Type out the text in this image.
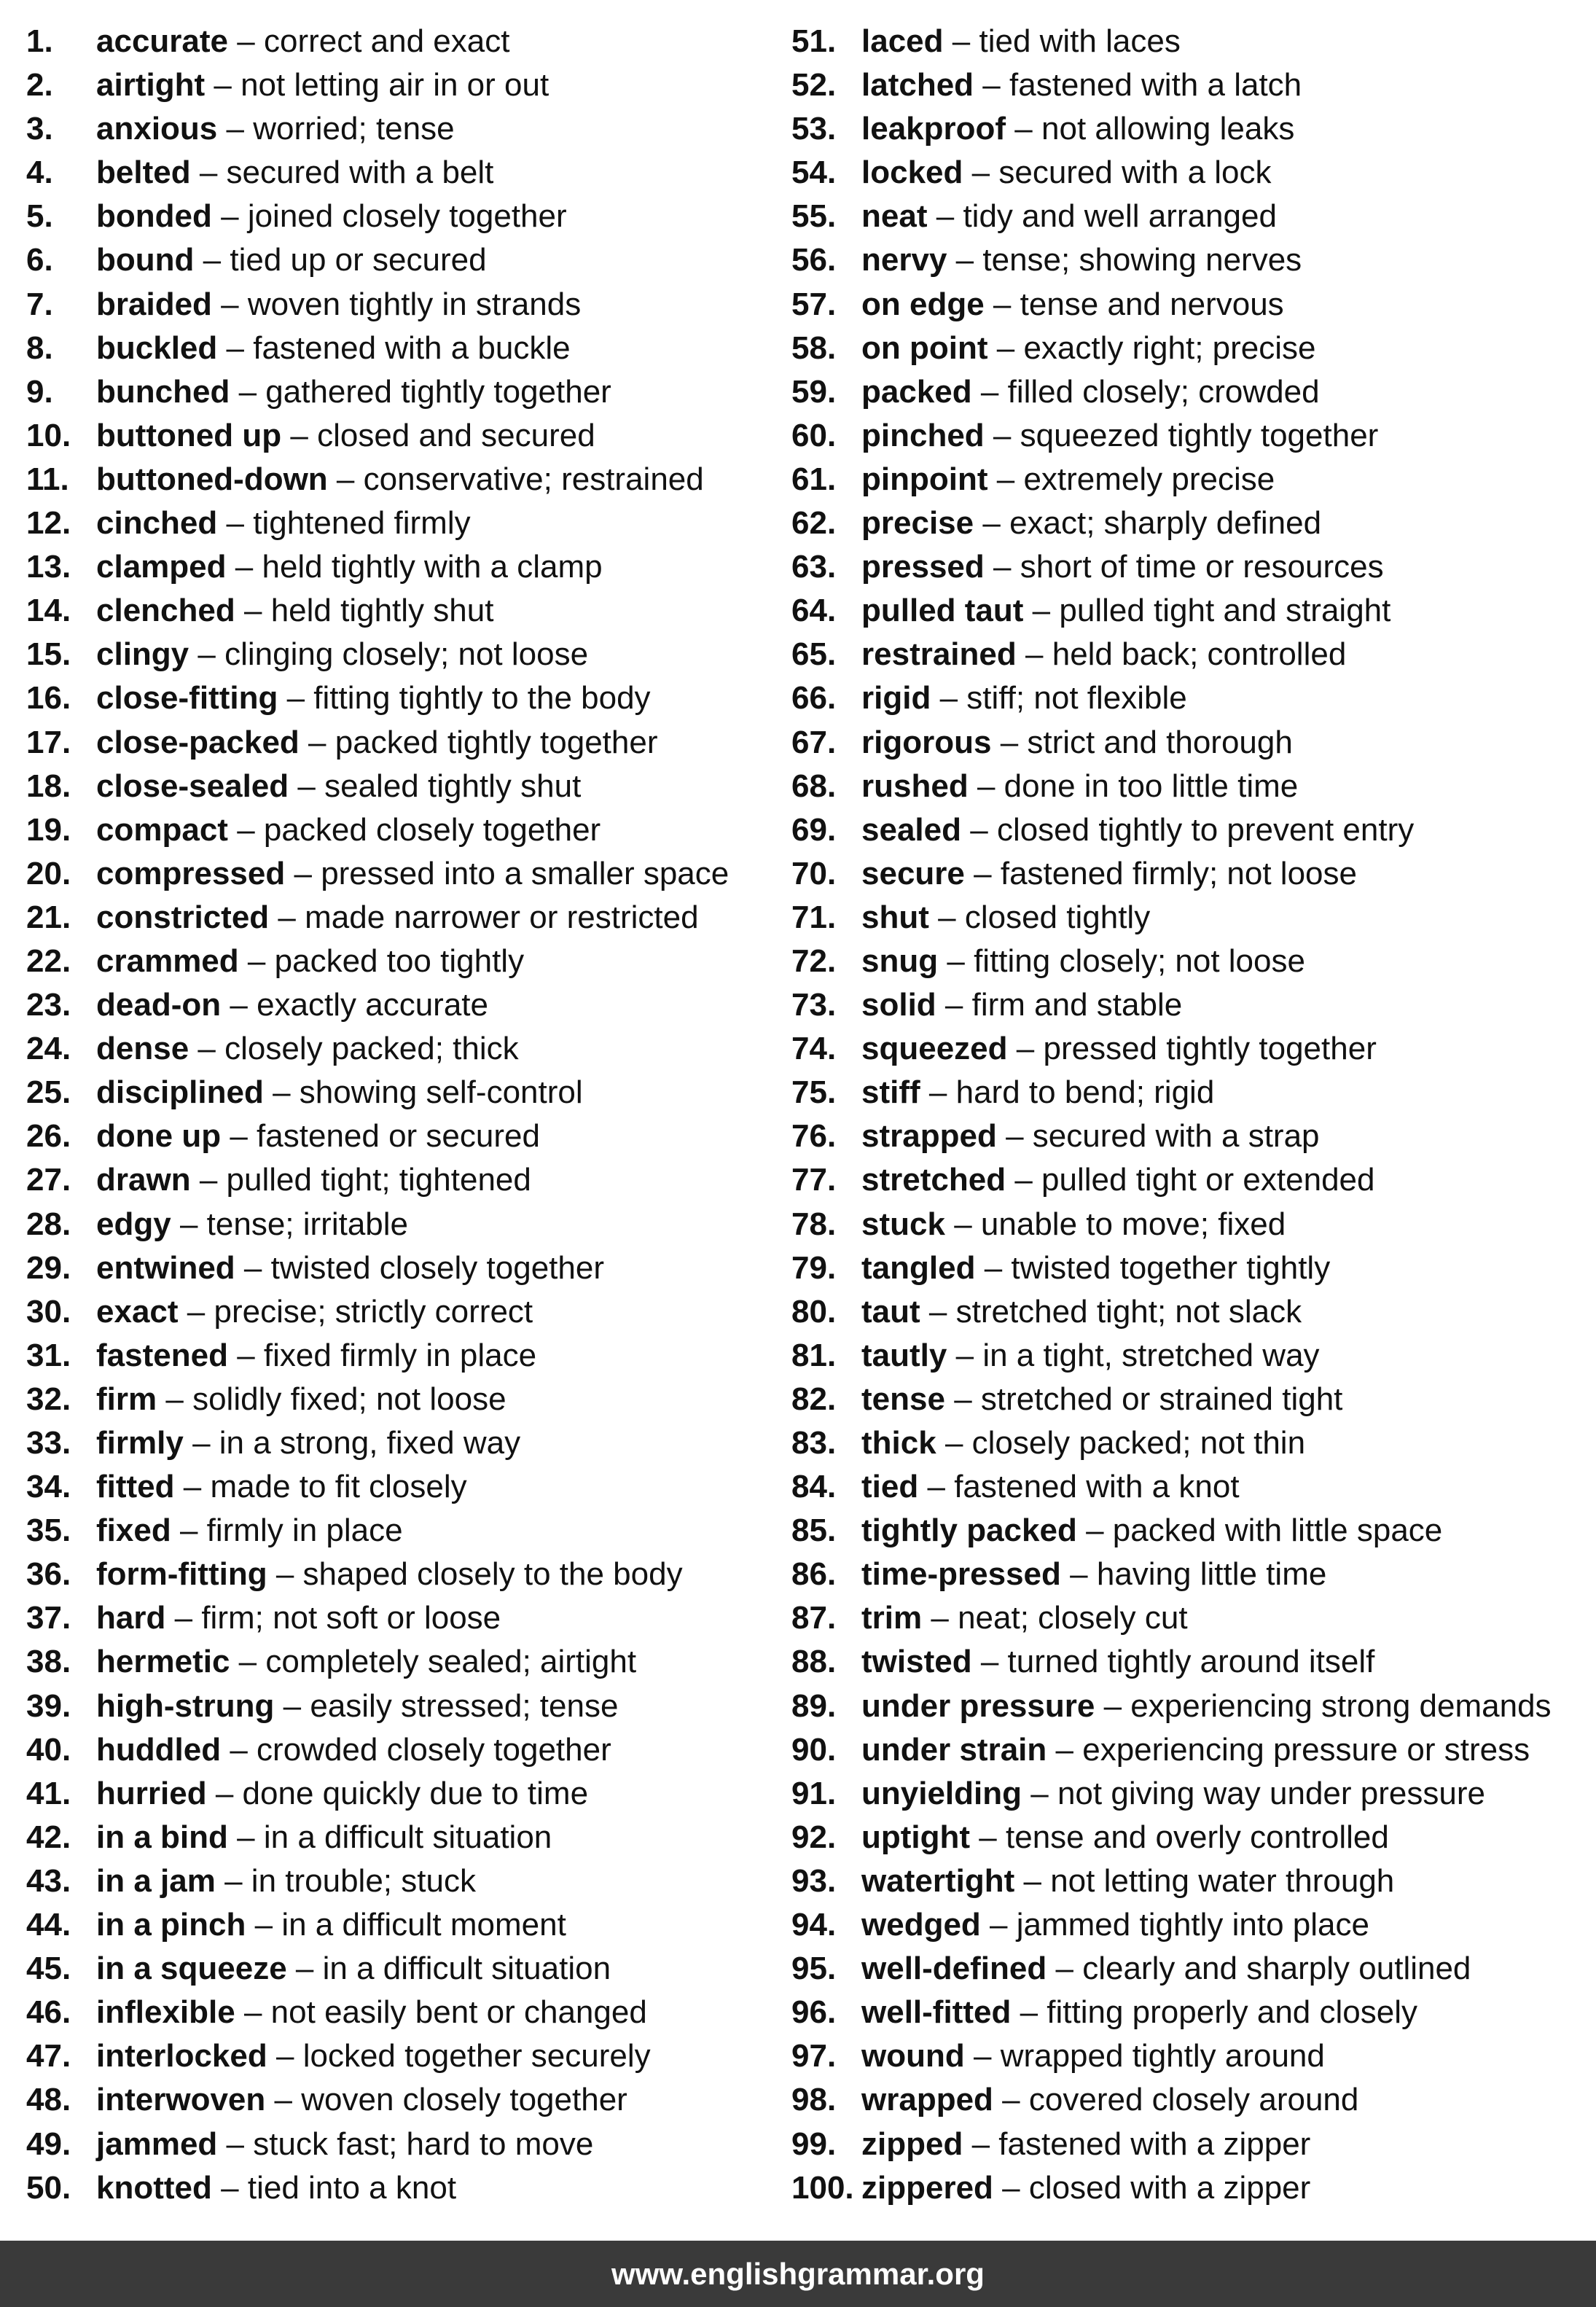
1. accurate – correct and exact
2. airtight – not letting air in or out
3. anxious – worried; tense
4. belted – secured with a belt
5. bonded – joined closely together
6. bound – tied up or secured
7. braided – woven tightly in strands
8. buckled – fastened with a buckle
9. bunched – gathered tightly together
10. buttoned up – closed and secured
11. buttoned-down – conservative; restrained
12. cinched – tightened firmly
13. clamped – held tightly with a clamp
14. clenched – held tightly shut
15. clingy – clinging closely; not loose
16. close-fitting – fitting tightly to the body
17. close-packed – packed tightly together
18. close-sealed – sealed tightly shut
19. compact – packed closely together
20. compressed – pressed into a smaller space
21. constricted – made narrower or restricted
22. crammed – packed too tightly
23. dead-on – exactly accurate
24. dense – closely packed; thick
25. disciplined – showing self-control
26. done up – fastened or secured
27. drawn – pulled tight; tightened
28. edgy – tense; irritable
29. entwined – twisted closely together
30. exact – precise; strictly correct
31. fastened – fixed firmly in place
32. firm – solidly fixed; not loose
33. firmly – in a strong, fixed way
34. fitted – made to fit closely
35. fixed – firmly in place
36. form-fitting – shaped closely to the body
37. hard – firm; not soft or loose
38. hermetic – completely sealed; airtight
39. high-strung – easily stressed; tense
40. huddled – crowded closely together
41. hurried – done quickly due to time
42. in a bind – in a difficult situation
43. in a jam – in trouble; stuck
44. in a pinch – in a difficult moment
45. in a squeeze – in a difficult situation
46. inflexible – not easily bent or changed
47. interlocked – locked together securely
48. interwoven – woven closely together
49. jammed – stuck fast; hard to move
50. knotted – tied into a knot
51. laced – tied with laces
52. latched – fastened with a latch
53. leakproof – not allowing leaks
54. locked – secured with a lock
55. neat – tidy and well arranged
56. nervy – tense; showing nerves
57. on edge – tense and nervous
58. on point – exactly right; precise
59. packed – filled closely; crowded
60. pinched – squeezed tightly together
61. pinpoint – extremely precise
62. precise – exact; sharply defined
63. pressed – short of time or resources
64. pulled taut – pulled tight and straight
65. restrained – held back; controlled
66. rigid – stiff; not flexible
67. rigorous – strict and thorough
68. rushed – done in too little time
69. sealed – closed tightly to prevent entry
70. secure – fastened firmly; not loose
71. shut – closed tightly
72. snug – fitting closely; not loose
73. solid – firm and stable
74. squeezed – pressed tightly together
75. stiff – hard to bend; rigid
76. strapped – secured with a strap
77. stretched – pulled tight or extended
78. stuck – unable to move; fixed
79. tangled – twisted together tightly
80. taut – stretched tight; not slack
81. tautly – in a tight, stretched way
82. tense – stretched or strained tight
83. thick – closely packed; not thin
84. tied – fastened with a knot
85. tightly packed – packed with little space
86. time-pressed – having little time
87. trim – neat; closely cut
88. twisted – turned tightly around itself
89. under pressure – experiencing strong demands
90. under strain – experiencing pressure or stress
91. unyielding – not giving way under pressure
92. uptight – tense and overly controlled
93. watertight – not letting water through
94. wedged – jammed tightly into place
95. well-defined – clearly and sharply outlined
96. well-fitted – fitting properly and closely
97. wound – wrapped tightly around
98. wrapped – covered closely around
99. zipped – fastened with a zipper
100. zippered – closed with a zipper
www.englishgrammar.org
